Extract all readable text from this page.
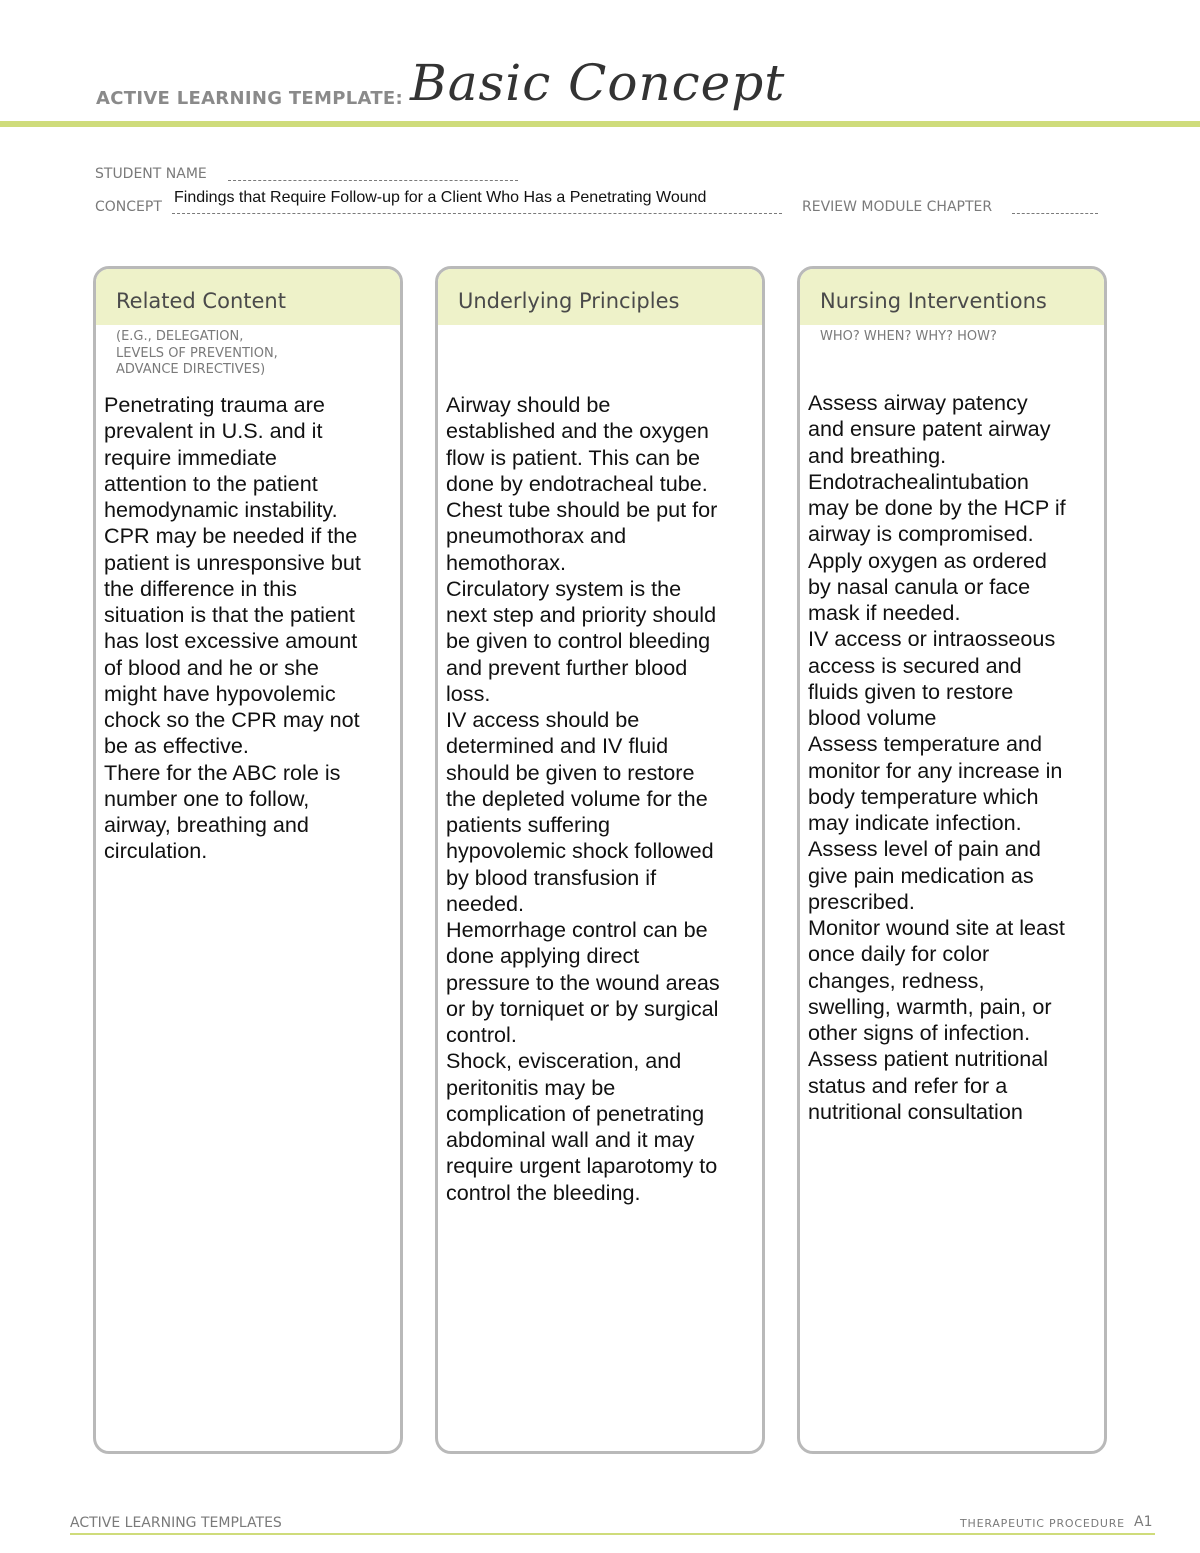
ACTIVE LEARNING TEMPLATE: Basic Concept
STUDENT NAME
CONCEPT
Findings that Require Follow-up for a Client Who Has a Penetrating Wound
REVIEW MODULE CHAPTER
Related Content
(E.G., DELEGATION,
LEVELS OF PREVENTION,
ADVANCE DIRECTIVES)
Penetrating trauma are
prevalent in U.S. and it
require immediate
attention to the patient
hemodynamic instability.
CPR may be needed if the
patient is unresponsive but
the difference in this
situation is that the patient
has lost excessive amount
of blood and he or she
might have hypovolemic
chock so the CPR may not
be as effective.
There for the ABC role is
number one to follow,
airway, breathing and
circulation.
Underlying Principles
Airway should be
established and the oxygen
flow is patient. This can be
done by endotracheal tube.
Chest tube should be put for
pneumothorax and
hemothorax.
Circulatory system is the
next step and priority should
be given to control bleeding
and prevent further blood
loss.
IV access should be
determined and IV fluid
should be given to restore
the depleted volume for the
patients suffering
hypovolemic shock followed
by blood transfusion if
needed.
Hemorrhage control can be
done applying direct
pressure to the wound areas
or by torniquet or by surgical
control.
Shock, evisceration, and
peritonitis may be
complication of penetrating
abdominal wall and it may
require urgent laparotomy to
control the bleeding.
Nursing Interventions
WHO? WHEN? WHY? HOW?
Assess airway patency
and ensure patent airway
and breathing.
Endotrachealintubation
may be done by the HCP if
airway is compromised.
Apply oxygen as ordered
by nasal canula or face
mask if needed.
IV access or intraosseous
access is secured and
fluids given to restore
blood volume
Assess temperature and
monitor for any increase in
body temperature which
may indicate infection.
Assess level of pain and
give pain medication as
prescribed.
Monitor wound site at least
once daily for color
changes, redness,
swelling, warmth, pain, or
other signs of infection.
Assess patient nutritional
status and refer for a
nutritional consultation
ACTIVE LEARNING TEMPLATES	THERAPEUTIC PROCEDURE A1
